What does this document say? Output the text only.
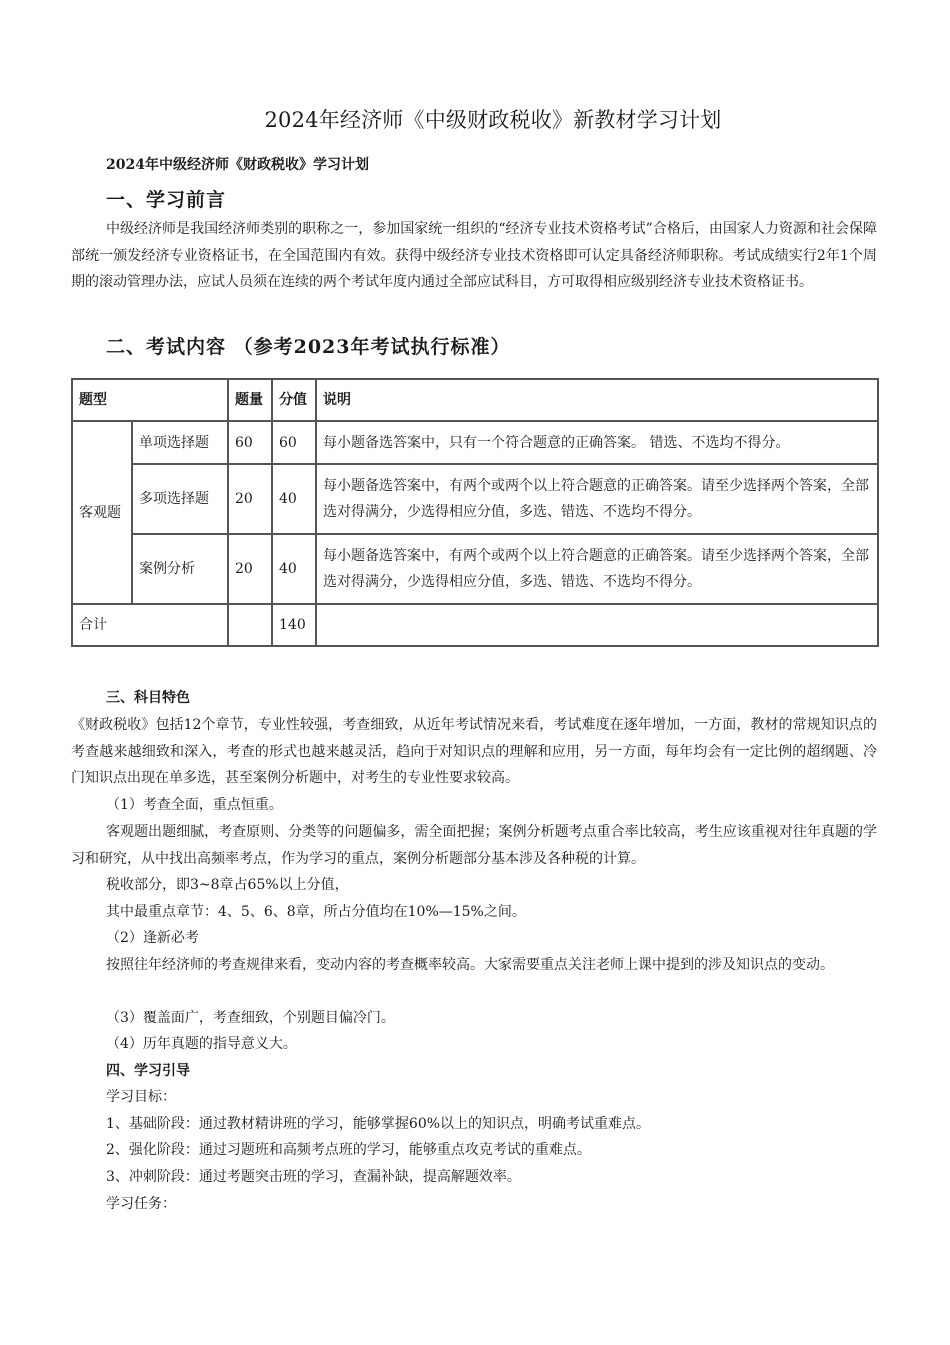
2024年经济师《中级财政税收》新教材学习计划
2024年中级经济师《财政税收》学习计划
一、学习前言

中级经济师是我国经济师类别的职称之一，参加国家统一组织的“经济专业技术资格考试”合格后，由国家人力资源和社会保障部统一颁发经济专业资格证书，在全国范围内有效。获得中级经济专业技术资格即可认定具备经济师职称。考试成绩实行2年1个周期的滚动管理办法，应试人员须在连续的两个考试年度内通过全部应试科目，方可取得相应级别经济专业技术资格证书。

二、考试内容 （参考2023年考试执行标准）
题型		题量	分值	说明
客观题	单项选择题	60	60	每小题备选答案中，只有一个符合题意的正确答案。 错选、不选均不得分。
	多项选择题	20	40	每小题备选答案中，有两个或两个以上符合题意的正确答案。请至少选择两个答案，全部选对得满分，少选得相应分值，多选、错选、不选均不得分。
	案例分析	20	40	每小题备选答案中，有两个或两个以上符合题意的正确答案。请至少选择两个答案，全部选对得满分，少选得相应分值，多选、错选、不选均不得分。
合计			140	
三、科目特色

《财政税收》包括12个章节，专业性较强，考查细致，从近年考试情况来看，考试难度在逐年增加，一方面，教材的常规知识点的考查越来越细致和深入，考查的形式也越来越灵活，趋向于对知识点的理解和应用，另一方面，每年均会有一定比例的超纲题、冷门知识点出现在单多选，甚至案例分析题中，对考生的专业性要求较高。

（1）考查全面，重点恒重。

客观题出题细腻，考查原则、分类等的问题偏多，需全面把握；案例分析题考点重合率比较高，考生应该重视对往年真题的学习和研究，从中找出高频率考点，作为学习的重点，案例分析题部分基本涉及各种税的计算。

税收部分，即3~8章占65%以上分值，
其中最重点章节：4、5、6、8章，所占分值均在10%—15%之间。
（2）逢新必考

按照往年经济师的考查规律来看，变动内容的考查概率较高。大家需要重点关注老师上课中提到的涉及知识点的变动。

（3）覆盖面广，考查细致，个别题目偏冷门。
（4）历年真题的指导意义大。
四、学习引导
学习目标：
1、基础阶段：通过教材精讲班的学习，能够掌握60%以上的知识点，明确考试重难点。
2、强化阶段：通过习题班和高频考点班的学习，能够重点攻克考试的重难点。
3、冲刺阶段：通过考题突击班的学习，查漏补缺，提高解题效率。
学习任务：
